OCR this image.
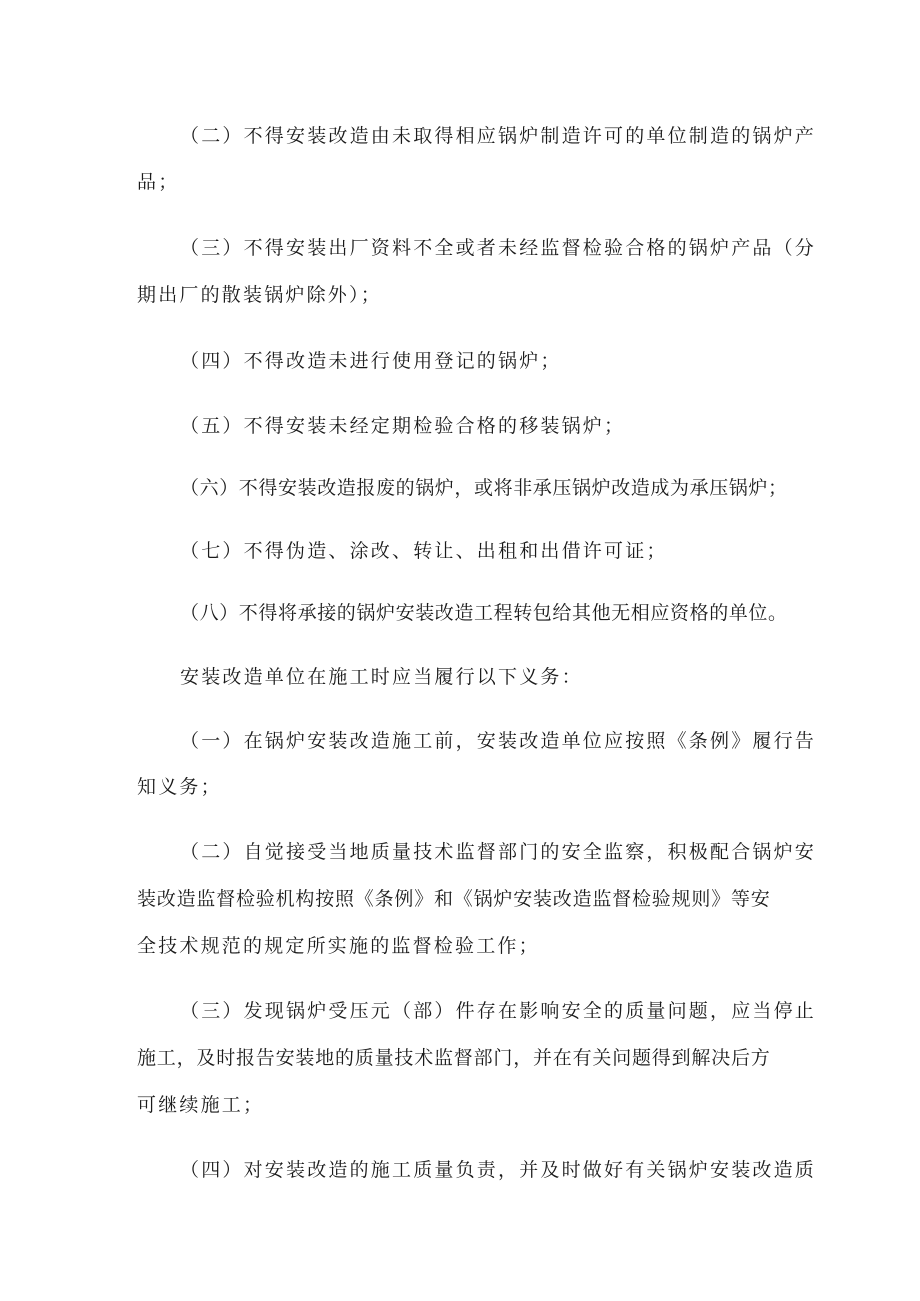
（二）不得安装改造由未取得相应锅炉制造许可的单位制造的锅炉产
品；
（三）不得安装出厂资料不全或者未经监督检验合格的锅炉产品（分
期出厂的散装锅炉除外）；
（四）不得改造未进行使用登记的锅炉；
（五）不得安装未经定期检验合格的移装锅炉；
（六）不得安装改造报废的锅炉，或将非承压锅炉改造成为承压锅炉；
（七）不得伪造、涂改、转让、出租和出借许可证；
（八）不得将承接的锅炉安装改造工程转包给其他无相应资格的单位。
安装改造单位在施工时应当履行以下义务：
（一）在锅炉安装改造施工前，安装改造单位应按照《条例》履行告
知义务；
（二）自觉接受当地质量技术监督部门的安全监察，积极配合锅炉安
装改造监督检验机构按照《条例》和《锅炉安装改造监督检验规则》等安
全技术规范的规定所实施的监督检验工作；
（三）发现锅炉受压元（部）件存在影响安全的质量问题，应当停止
施工，及时报告安装地的质量技术监督部门，并在有关问题得到解决后方
可继续施工；
（四）对安装改造的施工质量负责，并及时做好有关锅炉安装改造质
